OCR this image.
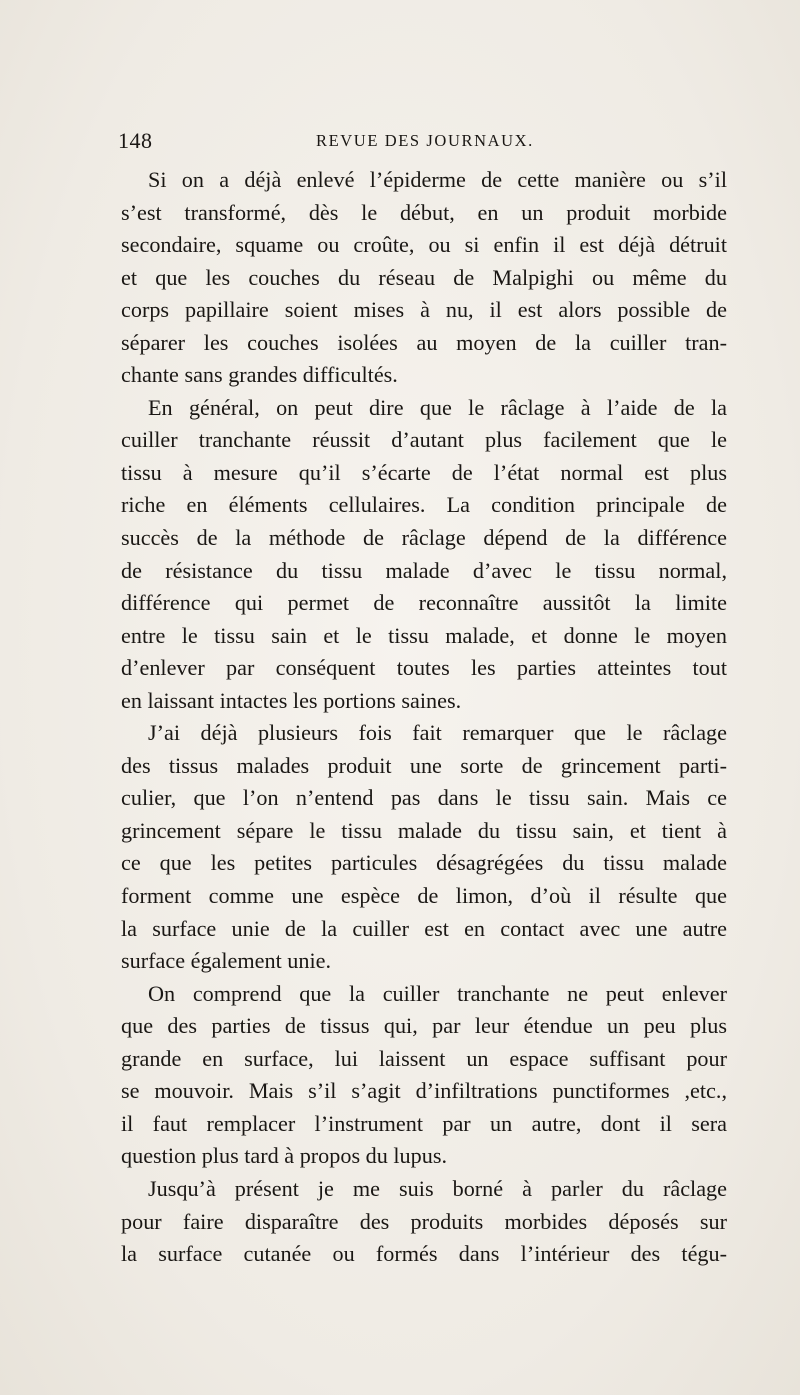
148	REVUE DES JOURNAUX.
Si on a déjà enlevé l’épiderme de cette manière ou s’il
s’est transformé, dès le début, en un produit morbide
secondaire, squame ou croûte, ou si enfin il est déjà détruit
et que les couches du réseau de Malpighi ou même du
corps papillaire soient mises à nu, il est alors possible de
séparer les couches isolées au moyen de la cuiller tran-
chante sans grandes difficultés.
En général, on peut dire que le râclage à l’aide de la
cuiller tranchante réussit d’autant plus facilement que le
tissu à mesure qu’il s’écarte de l’état normal est plus
riche en éléments cellulaires. La condition principale de
succès de la méthode de râclage dépend de la différence
de résistance du tissu malade d’avec le tissu normal,
différence qui permet de reconnaître aussitôt la limite
entre le tissu sain et le tissu malade, et donne le moyen
d’enlever par conséquent toutes les parties atteintes tout
en laissant intactes les portions saines.
J’ai déjà plusieurs fois fait remarquer que le râclage
des tissus malades produit une sorte de grincement parti-
culier, que l’on n’entend pas dans le tissu sain. Mais ce
grincement sépare le tissu malade du tissu sain, et tient à
ce que les petites particules désagrégées du tissu malade
forment comme une espèce de limon, d’où il résulte que
la surface unie de la cuiller est en contact avec une autre
surface également unie.
On comprend que la cuiller tranchante ne peut enlever
que des parties de tissus qui, par leur étendue un peu plus
grande en surface, lui laissent un espace suffisant pour
se mouvoir. Mais s’il s’agit d’infiltrations punctiformes ,etc.,
il faut remplacer l’instrument par un autre, dont il sera
question plus tard à propos du lupus.
Jusqu’à présent je me suis borné à parler du râclage
pour faire disparaître des produits morbides déposés sur
la surface cutanée ou formés dans l’intérieur des tégu-
